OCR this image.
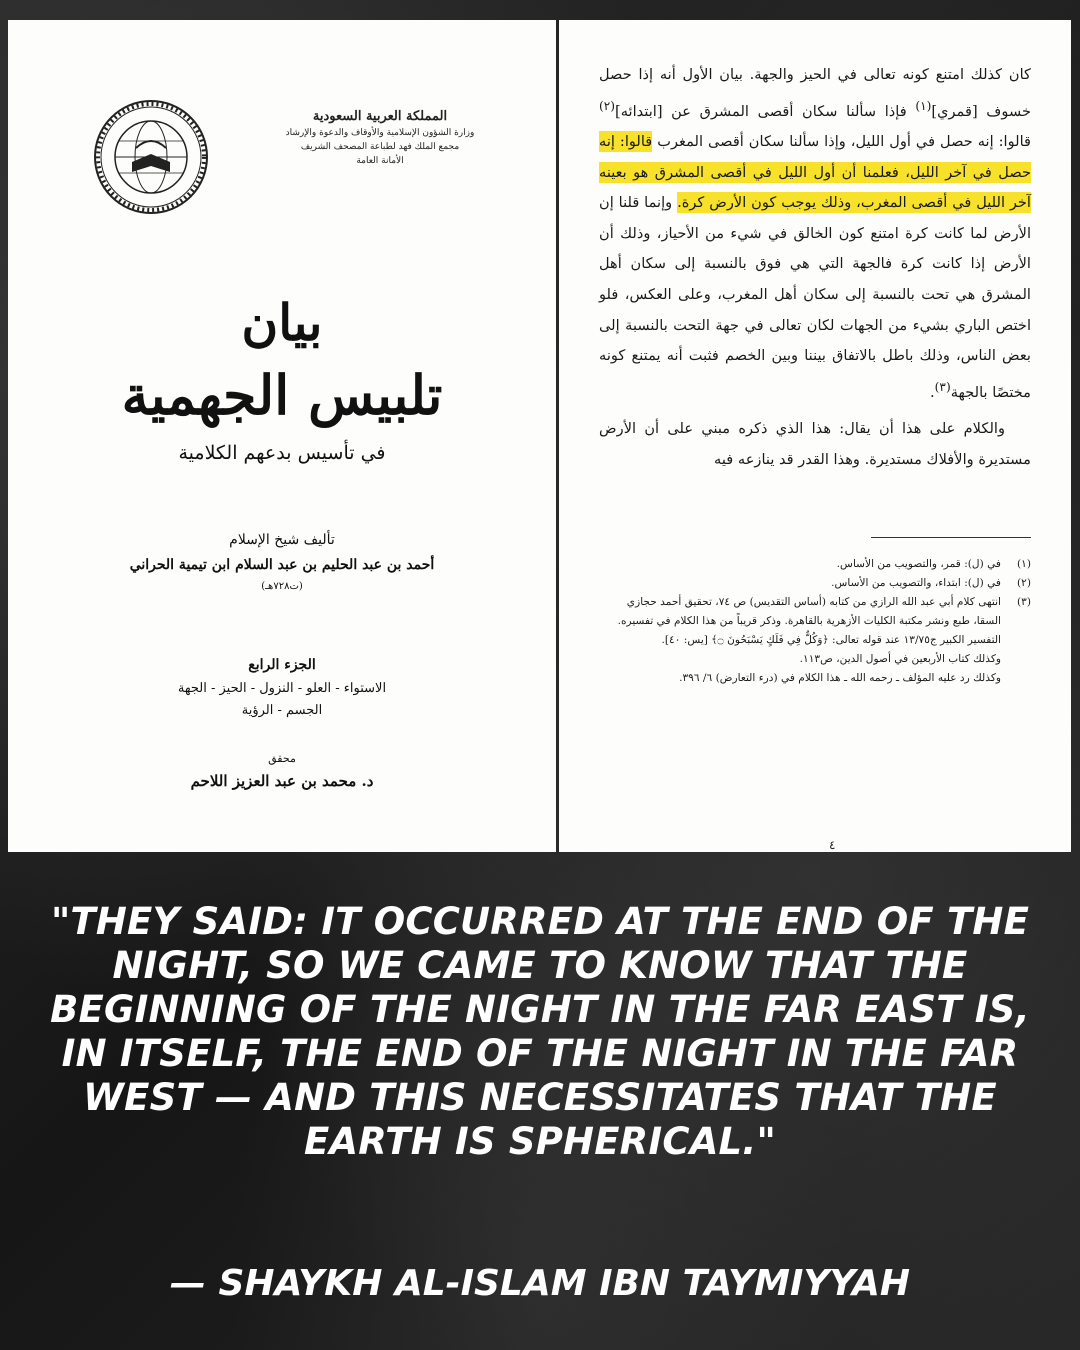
المملكة العربية السعودية
وزارة الشؤون الإسلامية والأوقاف والدعوة والإرشاد
مجمع الملك فهد لطباعة المصحف الشريف
الأمانة العامة
بيان
تلبيس الجهمية
في تأسيس بدعهم الكلامية
تأليف شيخ الإسلام
أحمد بن عبد الحليم بن عبد السلام ابن تيمية الحراني
(ت٧٢٨هـ)
الجزء الرابع
الاستواء - العلو - النزول - الحيز - الجهة
الجسم - الرؤية
محقق
د. محمد بن عبد العزيز اللاحم
كان كذلك امتنع كونه تعالى في الحيز والجهة. بيان الأول أنه إذا حصل خسوف [قمري]$^{(١)}$ فإذا سألنا سكان أقصى المشرق عن [ابتدائه]$^{(٢)}$ قالوا: إنه حصل في أول الليل، وإذا سألنا سكان أقصى المغرب قالوا: إنه حصل في آخر الليل، فعلمنا أن أول الليل في أقصى المشرق هو بعينه آخر الليل في أقصى المغرب، وذلك يوجب كون الأرض كرة. وإنما قلنا إن الأرض لما كانت كرة امتنع كون الخالق في شيء من الأحياز، وذلك أن الأرض إذا كانت كرة فالجهة التي هي فوق بالنسبة إلى سكان أهل المشرق هي تحت بالنسبة إلى سكان أهل المغرب، وعلى العكس، فلو اختص الباري بشيء من الجهات لكان تعالى في جهة التحت بالنسبة إلى بعض الناس، وذلك باطل بالاتفاق بيننا وبين الخصم فثبت أنه يمتنع كونه مختصًا بالجهة$^{(٣)}$.
والكلام على هذا أن يقال: هذا الذي ذكره مبني على أن الأرض مستديرة والأفلاك مستديرة. وهذا القدر قد ينازعه فيه
(١)
في (ل): قمر، والتصويب من الأساس.
(٢)
في (ل): ابتداء، والتصويب من الأساس.
(٣)
انتهى كلام أبي عبد الله الرازي من كتابه (أساس التقديس) ص ٧٤، تحقيق أحمد حجازي السقا، طبع ونشر مكتبة الكليات الأزهرية بالقاهرة. وذكر قريباً من هذا الكلام في تفسيره.
التفسير الكبير ج١٣/٧٥ عند قوله تعالى: ﴿وَكُلٌّ فِي فَلَكٍ يَسْبَحُونَ ۝﴾ [يس: ٤٠].
وكذلك كتاب الأربعين في أصول الدين، ص١١٣.
وكذلك رد عليه المؤلف ـ رحمه الله ـ هذا الكلام في (درء التعارض) ٦/ ٣٩٦.
٤
"THEY SAID: IT OCCURRED AT THE END OF THE NIGHT, SO WE CAME TO KNOW THAT THE BEGINNING OF THE NIGHT IN THE FAR EAST IS, IN ITSELF, THE END OF THE NIGHT IN THE FAR WEST — AND THIS NECESSITATES THAT THE EARTH IS SPHERICAL."
— SHAYKH AL-ISLAM IBN TAYMIYYAH
